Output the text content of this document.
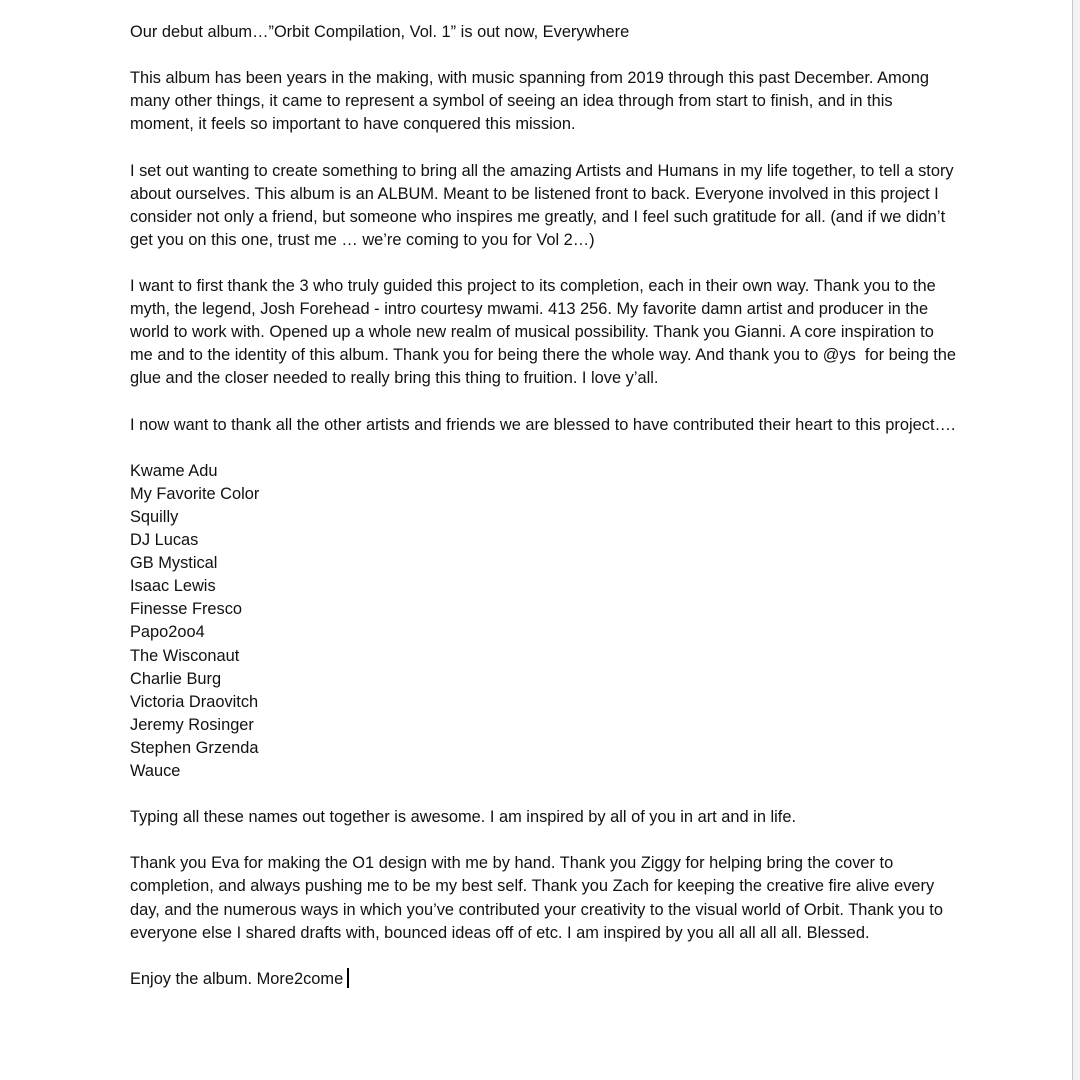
Our debut album…”Orbit Compilation, Vol. 1” is out now, Everywhere

This album has been years in the making, with music spanning from 2019 through this past December. Among many other things, it came to represent a symbol of seeing an idea through from start to finish, and in this moment, it feels so important to have conquered this mission.

I set out wanting to create something to bring all the amazing Artists and Humans in my life together, to tell a story about ourselves. This album is an ALBUM. Meant to be listened front to back. Everyone involved in this project I consider not only a friend, but someone who inspires me greatly, and I feel such gratitude for all. (and if we didn’t get you on this one, trust me … we’re coming to you for Vol 2…)

I want to first thank the 3 who truly guided this project to its completion, each in their own way. Thank you to the myth, the legend, Josh Forehead - intro courtesy mwami. 413 256. My favorite damn artist and producer in the world to work with. Opened up a whole new realm of musical possibility. Thank you Gianni. A core inspiration to me and to the identity of this album. Thank you for being there the whole way. And thank you to @ys  for being the glue and the closer needed to really bring this thing to fruition. I love y’all.

I now want to thank all the other artists and friends we are blessed to have contributed their heart to this project….

Kwame Adu
My Favorite Color
Squilly
DJ Lucas
GB Mystical
Isaac Lewis
Finesse Fresco
Papo2oo4
The Wisconaut
Charlie Burg
Victoria Draovitch
Jeremy Rosinger
Stephen Grzenda
Wauce

Typing all these names out together is awesome. I am inspired by all of you in art and in life.

Thank you Eva for making the O1 design with me by hand. Thank you Ziggy for helping bring the cover to completion, and always pushing me to be my best self. Thank you Zach for keeping the creative fire alive every day, and the numerous ways in which you’ve contributed your creativity to the visual world of Orbit. Thank you to everyone else I shared drafts with, bounced ideas off of etc. I am inspired by you all all all all. Blessed.

Enjoy the album. More2come
